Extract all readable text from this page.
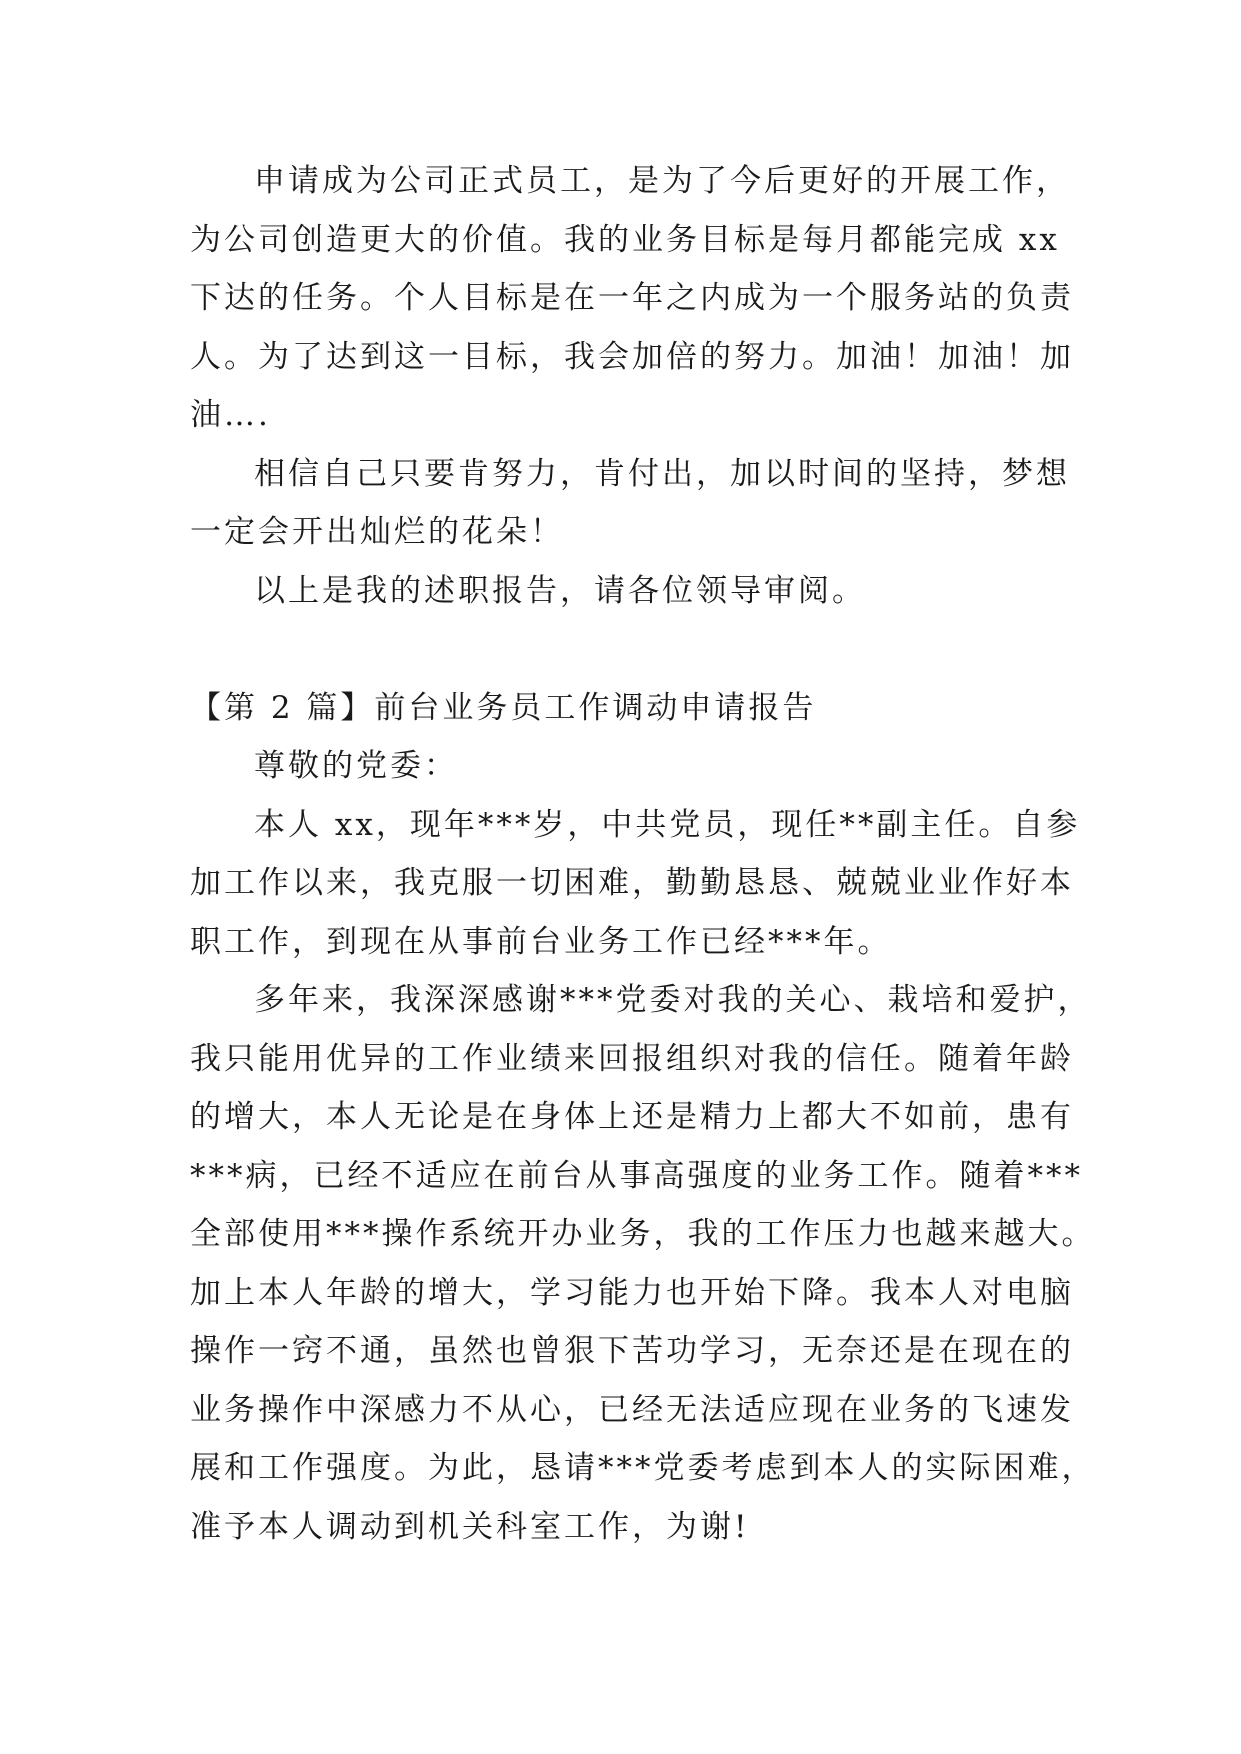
申请成为公司正式员工，是为了今后更好的开展工作，
为公司创造更大的价值。我的业务目标是每月都能完成 xx
下达的任务。个人目标是在一年之内成为一个服务站的负责
人。为了达到这一目标，我会加倍的努力。加油！加油！加
油….
相信自己只要肯努力，肯付出，加以时间的坚持，梦想
一定会开出灿烂的花朵！
以上是我的述职报告，请各位领导审阅。
【第 2 篇】前台业务员工作调动申请报告
尊敬的党委：
本人 xx，现年***岁，中共党员，现任**副主任。自参
加工作以来，我克服一切困难，勤勤恳恳、兢兢业业作好本
职工作，到现在从事前台业务工作已经***年。
多年来，我深深感谢***党委对我的关心、栽培和爱护，
我只能用优异的工作业绩来回报组织对我的信任。随着年龄
的增大，本人无论是在身体上还是精力上都大不如前，患有
***病，已经不适应在前台从事高强度的业务工作。随着***
全部使用***操作系统开办业务，我的工作压力也越来越大。
加上本人年龄的增大，学习能力也开始下降。我本人对电脑
操作一窍不通，虽然也曾狠下苦功学习，无奈还是在现在的
业务操作中深感力不从心，已经无法适应现在业务的飞速发
展和工作强度。为此，恳请***党委考虑到本人的实际困难，
准予本人调动到机关科室工作，为谢!
